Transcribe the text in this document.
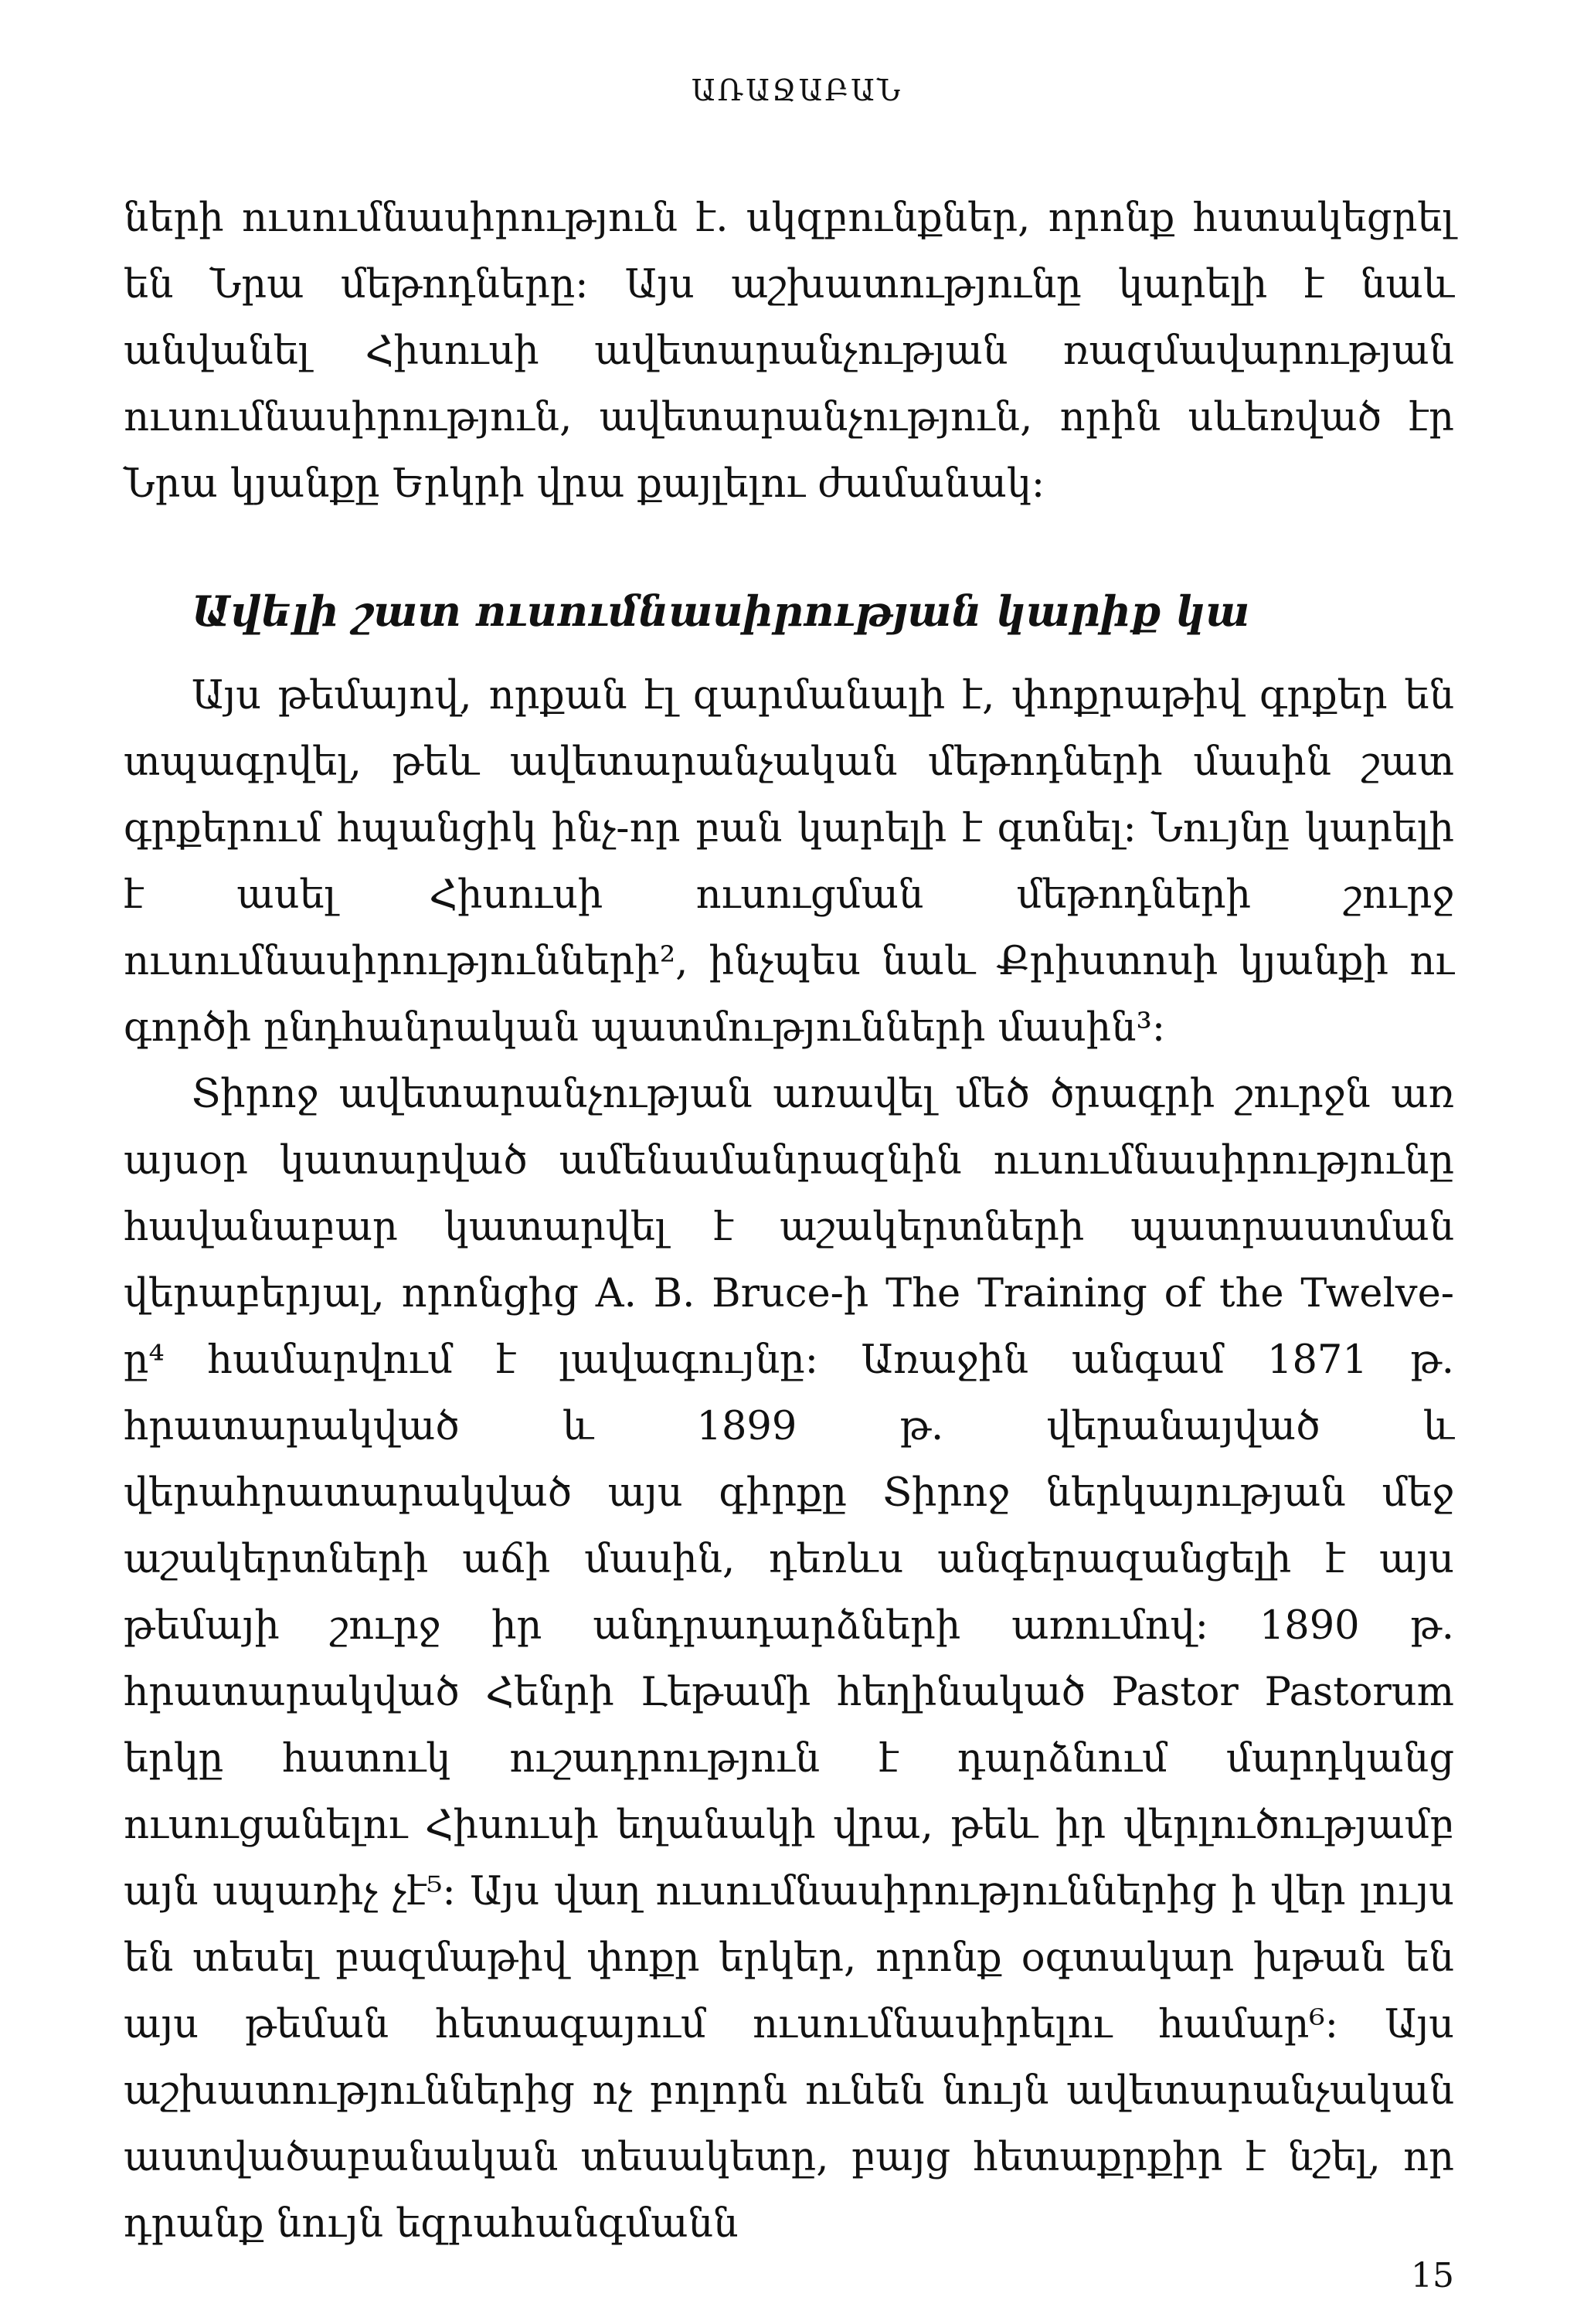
ԱՌԱՋԱԲԱՆ

ների ուսումնասիրություն է. սկզբունքներ, որոնք հստակեցրել են Նրա մեթոդները: Այս աշխատությունը կարելի է նաև անվանել Հիսուսի ավետարանչության ռազմավարության ուսումնասիրություն, ավետարանչություն, որին սևեռված էր Նրա կյանքը Երկրի վրա քայլելու ժամանակ:

Ավելի շատ ուսումնասիրության կարիք կա

Այս թեմայով, որքան էլ զարմանալի է, փոքրաթիվ գրքեր են տպագրվել, թեև ավետարանչական մեթոդների մասին շատ գրքերում հպանցիկ ինչ-որ բան կարելի է գտնել: Նույնը կարելի է ասել Հիսուսի ուսուցման մեթոդների շուրջ ուսումնասիրությունների², ինչպես նաև Քրիստոսի կյանքի ու գործի ընդհանրական պատմությունների մասին³:

Տիրոջ ավետարանչության առավել մեծ ծրագրի շուրջն առ այսօր կատարված ամենամանրազնին ուսումնասիրությունը հավանաբար կատարվել է աշակերտների պատրաստման վերաբերյալ, որոնցից A. B. Bruce-ի The Training of the Twelve-ը⁴ համարվում է լավագույնը: Առաջին անգամ 1871 թ. հրատարակված և 1899 թ. վերանայված և վերահրատարակված այս գիրքը Տիրոջ ներկայության մեջ աշակերտների աճի մասին, դեռևս անգերազանցելի է այս թեմայի շուրջ իր անդրադարձների առումով: 1890 թ. հրատարակված Հենրի Լեթամի հեղինակած Pastor Pastorum երկը հատուկ ուշադրություն է դարձնում մարդկանց ուսուցանելու Հիսուսի եղանակի վրա, թեև իր վերլուծությամբ այն սպառիչ չէ⁵: Այս վաղ ուսումնասիրություններից ի վեր լույս են տեսել բազմաթիվ փոքր երկեր, որոնք օգտակար խթան են այս թեման հետագայում ուսումնասիրելու համար⁶: Այս աշխատություններից ոչ բոլորն ունեն նույն ավետարանչական աստվածաբանական տեսակետը, բայց հետաքրքիր է նշել, որ դրանք նույն եզրահանգմանն

15
